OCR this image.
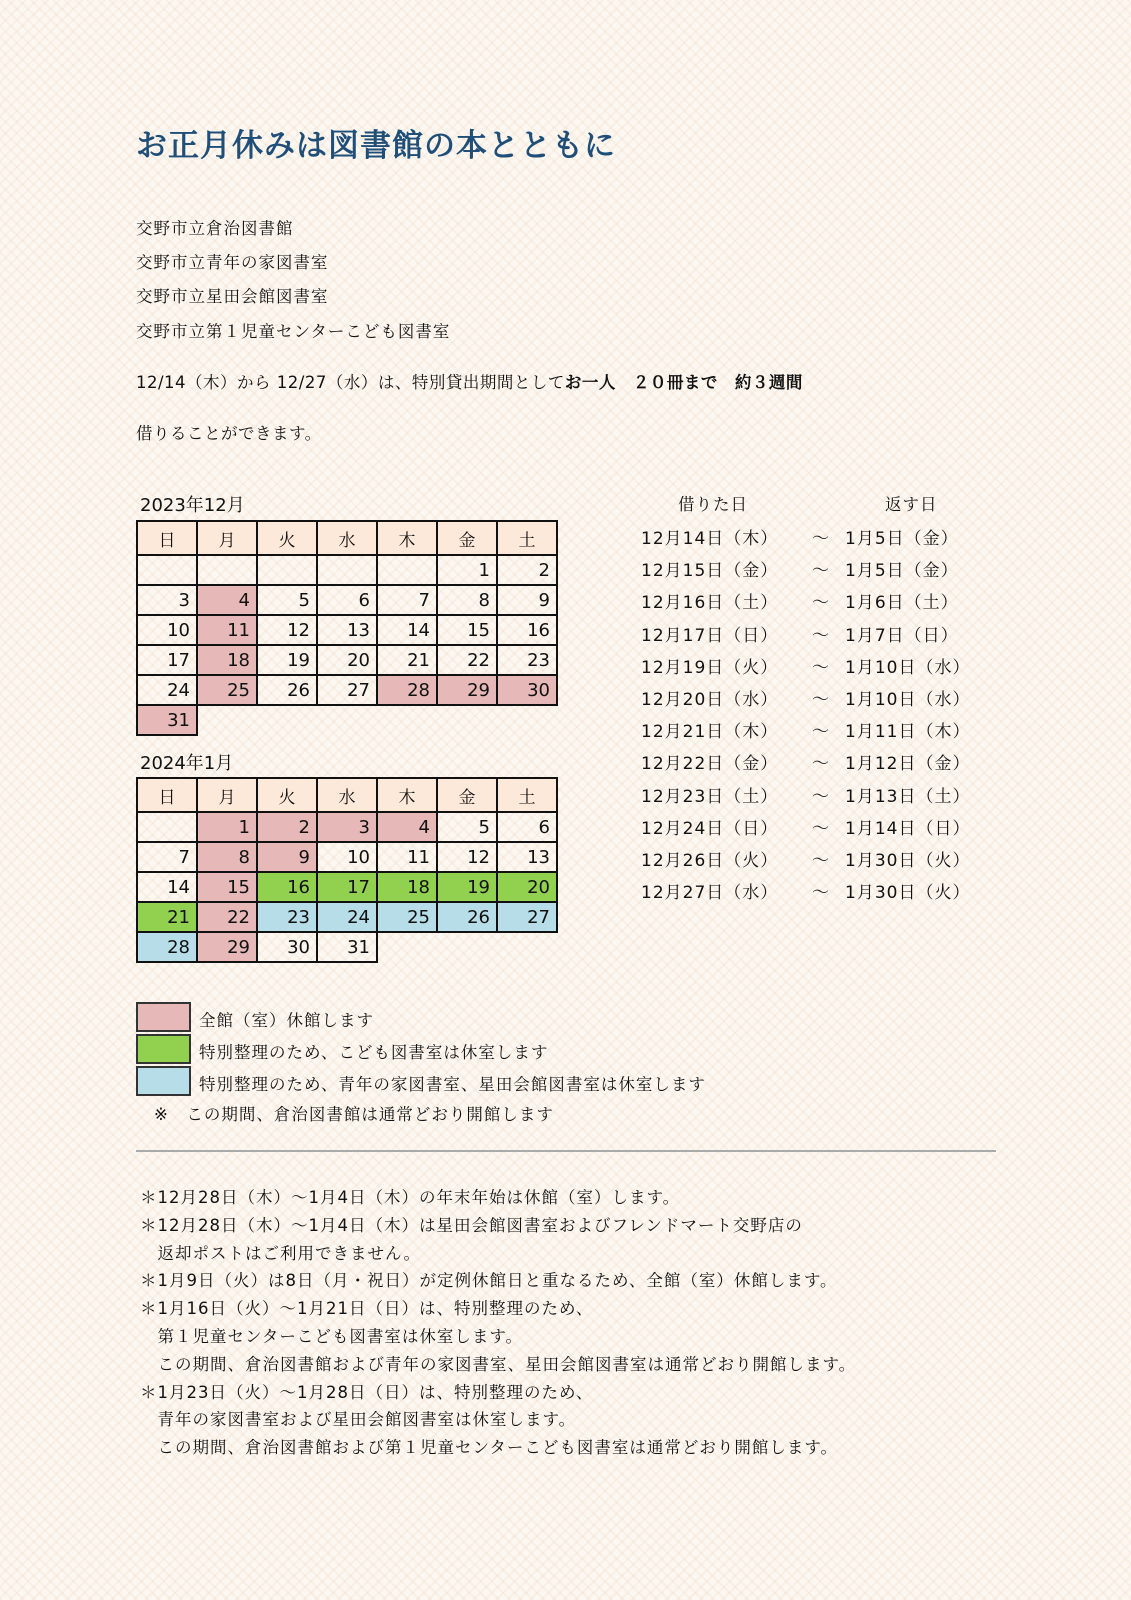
お正月休みは図書館の本とともに
交野市立倉治図書館
交野市立青年の家図書室
交野市立星田会館図書室
交野市立第１児童センターこども図書室
12/14（木）から 12/27（水）は、特別貸出期間としてお一人　２０冊まで　約３週間
借りることができます。
2023年12月
日	月	火	水	木	金	土
					1	2
3	4	5	6	7	8	9
10	11	12	13	14	15	16
17	18	19	20	21	22	23
24	25	26	27	28	29	30
31						
2024年1月
日	月	火	水	木	金	土
	1	2	3	4	5	6
7	8	9	10	11	12	13
14	15	16	17	18	19	20
21	22	23	24	25	26	27
28	29	30	31			
借りた日	返す日
12月14日（木） ～ 1月5日（金）
12月15日（金） ～ 1月5日（金）
12月16日（土） ～ 1月6日（土）
12月17日（日） ～ 1月7日（日）
12月19日（火） ～ 1月10日（水）
12月20日（水） ～ 1月10日（水）
12月21日（木） ～ 1月11日（木）
12月22日（金） ～ 1月12日（金）
12月23日（土） ～ 1月13日（土）
12月24日（日） ～ 1月14日（日）
12月26日（火） ～ 1月30日（火）
12月27日（水） ～ 1月30日（火）
全館（室）休館します
特別整理のため、こども図書室は休室します
特別整理のため、青年の家図書室、星田会館図書室は休室します
※　この期間、倉治図書館は通常どおり開館します
＊12月28日（木）～1月4日（木）の年末年始は休館（室）します。
＊12月28日（木）～1月4日（木）は星田会館図書室およびフレンドマート交野店の
　返却ポストはご利用できません。
＊1月9日（火）は8日（月・祝日）が定例休館日と重なるため、全館（室）休館します。
＊1月16日（火）～1月21日（日）は、特別整理のため、
　第１児童センターこども図書室は休室します。
　この期間、倉治図書館および青年の家図書室、星田会館図書室は通常どおり開館します。
＊1月23日（火）～1月28日（日）は、特別整理のため、
　青年の家図書室および星田会館図書室は休室します。
　この期間、倉治図書館および第１児童センターこども図書室は通常どおり開館します。
